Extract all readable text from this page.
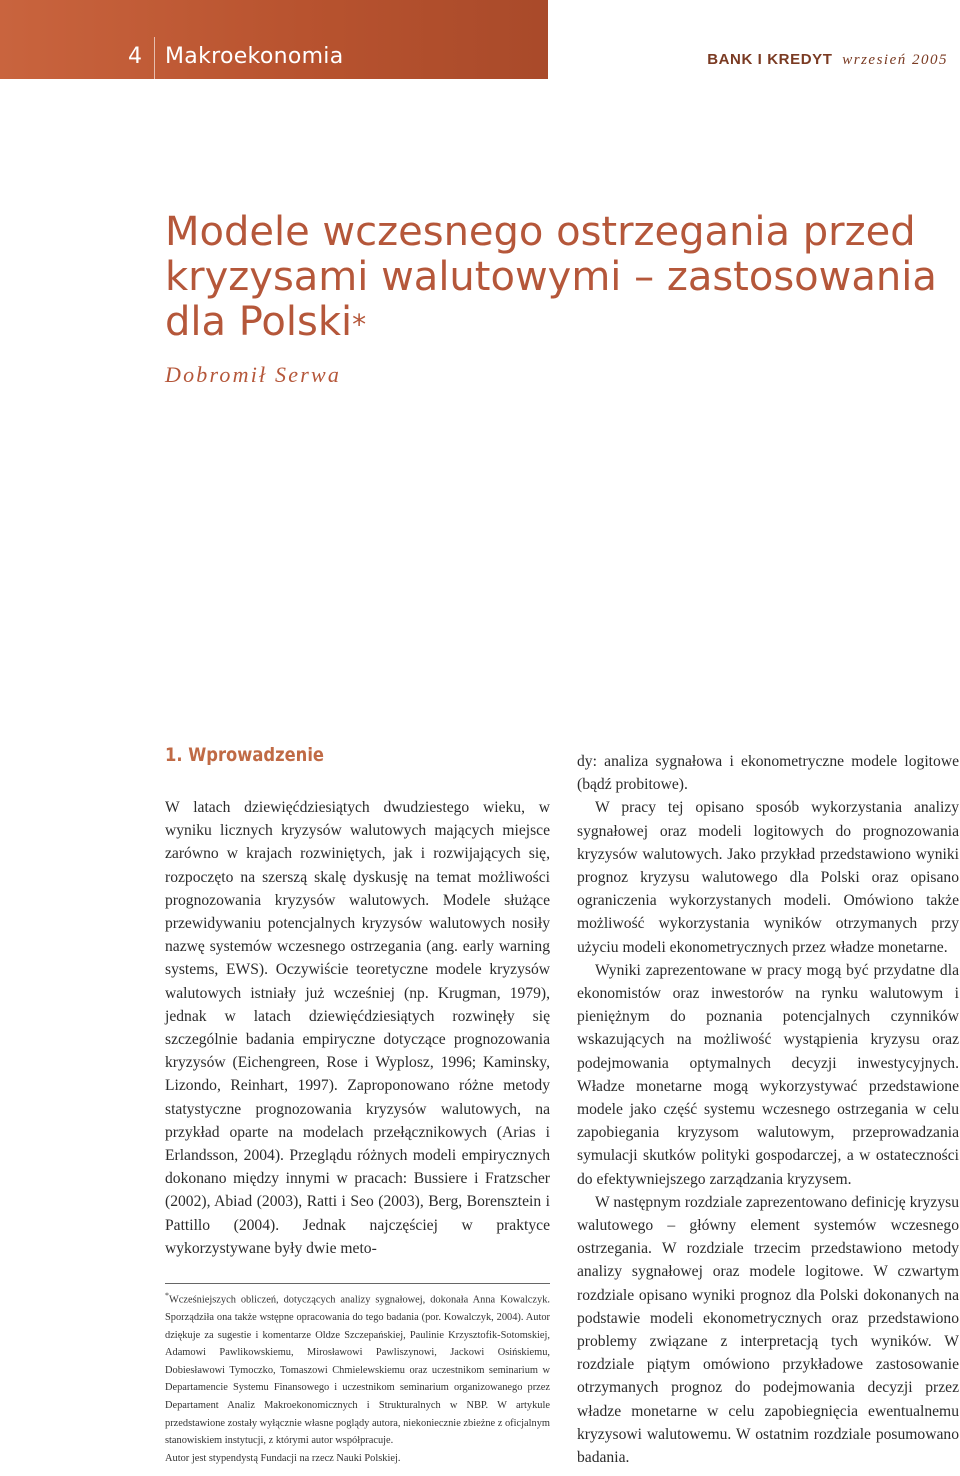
4 Makroekonomia	BANK I KREDYT wrzesień 2005
Modele wczesnego ostrzegania przed kryzysami walutowymi – zastosowania dla Polski*
Dobromił Serwa
1. Wprowadzenie

W latach dziewięćdziesiątych dwudziestego wieku, w wyniku licznych kryzysów walutowych mających miejsce zarówno w krajach rozwiniętych, jak i rozwijających się, rozpoczęto na szerszą skalę dyskusję na temat możliwości prognozowania kryzysów walutowych. Modele służące przewidywaniu potencjalnych kryzysów walutowych nosiły nazwę systemów wczesnego ostrzegania (ang. early warning systems, EWS). Oczywiście teoretyczne modele kryzysów walutowych istniały już wcześniej (np. Krugman, 1979), jednak w latach dziewięćdziesiątych rozwinęły się szczególnie badania empiryczne dotyczące prognozowania kryzysów (Eichengreen, Rose i Wyplosz, 1996; Kaminsky, Lizondo, Reinhart, 1997). Zaproponowano różne metody statystyczne prognozowania kryzysów walutowych, na przykład oparte na modelach przełącznikowych (Arias i Erlandsson, 2004). Przeglądu różnych modeli empirycznych dokonano między innymi w pracach: Bussiere i Fratzscher (2002), Abiad (2003), Ratti i Seo (2003), Berg, Borensztein i Pattillo (2004). Jednak najczęściej w praktyce wykorzystywane były dwie meto-

*Wcześniejszych obliczeń, dotyczących analizy sygnałowej, dokonała Anna Kowalczyk. Sporządziła ona także wstępne opracowania do tego badania (por. Kowalczyk, 2004). Autor dziękuje za sugestie i komentarze Oldze Szczepańskiej, Paulinie Krzysztofik-Sotomskiej, Adamowi Pawlikowskiemu, Mirosławowi Pawliszynowi, Jackowi Osińskiemu, Dobiesławowi Tymoczko, Tomaszowi Chmielewskiemu oraz uczestnikom seminarium w Departamencie Systemu Finansowego i uczestnikom seminarium organizowanego przez Departament Analiz Makroekonomicznych i Strukturalnych w NBP. W artykule przedstawione zostały wyłącznie własne poglądy autora, niekoniecznie zbieżne z oficjalnym stanowiskiem instytucji, z którymi autor współpracuje.

Autor jest stypendystą Fundacji na rzecz Nauki Polskiej.

dy: analiza sygnałowa i ekonometryczne modele logitowe (bądź probitowe).

W pracy tej opisano sposób wykorzystania analizy sygnałowej oraz modeli logitowych do prognozowania kryzysów walutowych. Jako przykład przedstawiono wyniki prognoz kryzysu walutowego dla Polski oraz opisano ograniczenia wykorzystanych modeli. Omówiono także możliwość wykorzystania wyników otrzymanych przy użyciu modeli ekonometrycznych przez władze monetarne.

Wyniki zaprezentowane w pracy mogą być przydatne dla ekonomistów oraz inwestorów na rynku walutowym i pieniężnym do poznania potencjalnych czynników wskazujących na możliwość wystąpienia kryzysu oraz podejmowania optymalnych decyzji inwestycyjnych. Władze monetarne mogą wykorzystywać przedstawione modele jako część systemu wczesnego ostrzegania w celu zapobiegania kryzysom walutowym, przeprowadzania symulacji skutków polityki gospodarczej, a w ostateczności do efektywniejszego zarządzania kryzysem.

W następnym rozdziale zaprezentowano definicję kryzysu walutowego – główny element systemów wczesnego ostrzegania. W rozdziale trzecim przedstawiono metody analizy sygnałowej oraz modele logitowe. W czwartym rozdziale opisano wyniki prognoz dla Polski dokonanych na podstawie modeli ekonometrycznych oraz przedstawiono problemy związane z interpretacją tych wyników. W rozdziale piątym omówiono przykładowe zastosowanie otrzymanych prognoz do podejmowania decyzji przez władze monetarne w celu zapobiegnięcia ewentualnemu kryzysowi walutowemu. W ostatnim rozdziale posumowano badania.
